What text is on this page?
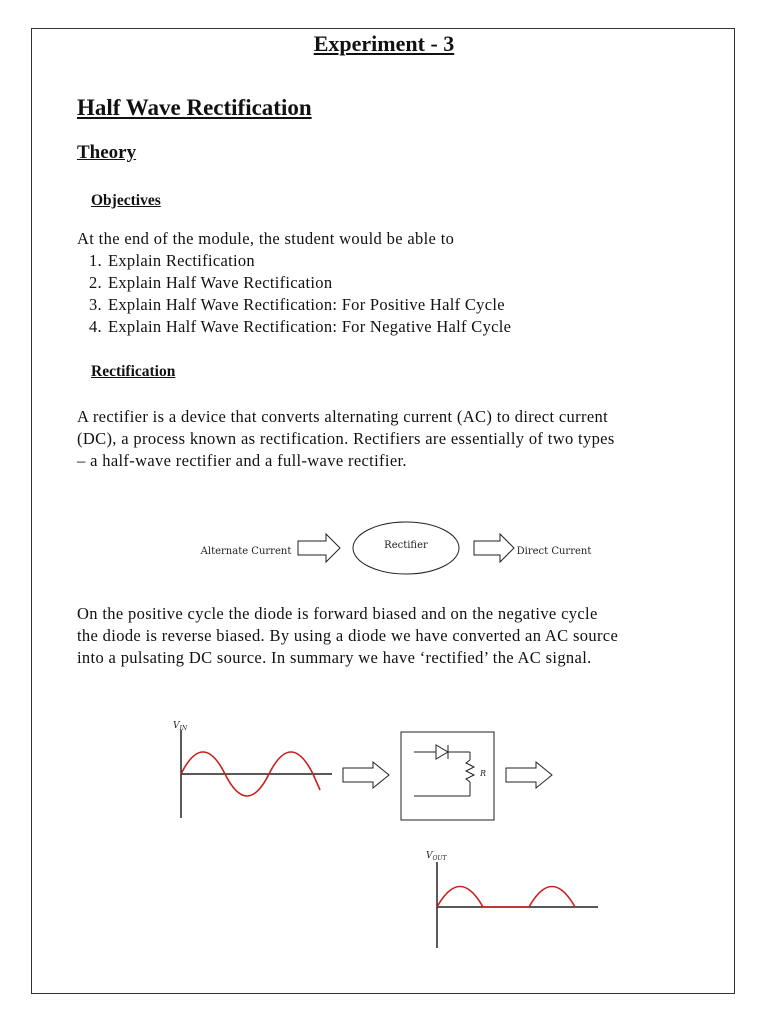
Experiment - 3
Half Wave Rectification
Theory
Objectives

At the end of the module, the student would be able to

1. Explain Rectification
2. Explain Half Wave Rectification
3. Explain Half Wave Rectification: For Positive Half Cycle
4. Explain Half Wave Rectification: For Negative Half Cycle
Rectification

A rectifier is a device that converts alternating current (AC) to direct current

(DC), a process known as rectification. Rectifiers are essentially of two types

– a half-wave rectifier and a full-wave rectifier.

On the positive cycle the diode is forward biased and on the negative cycle

the diode is reverse biased. By using a diode we have converted an AC source

into a pulsating DC source. In summary we have ‘rectified’ the AC signal.

Alternate Current
Rectifier
Direct Current
$V_{IN}$
R
$V_{OUT}$
